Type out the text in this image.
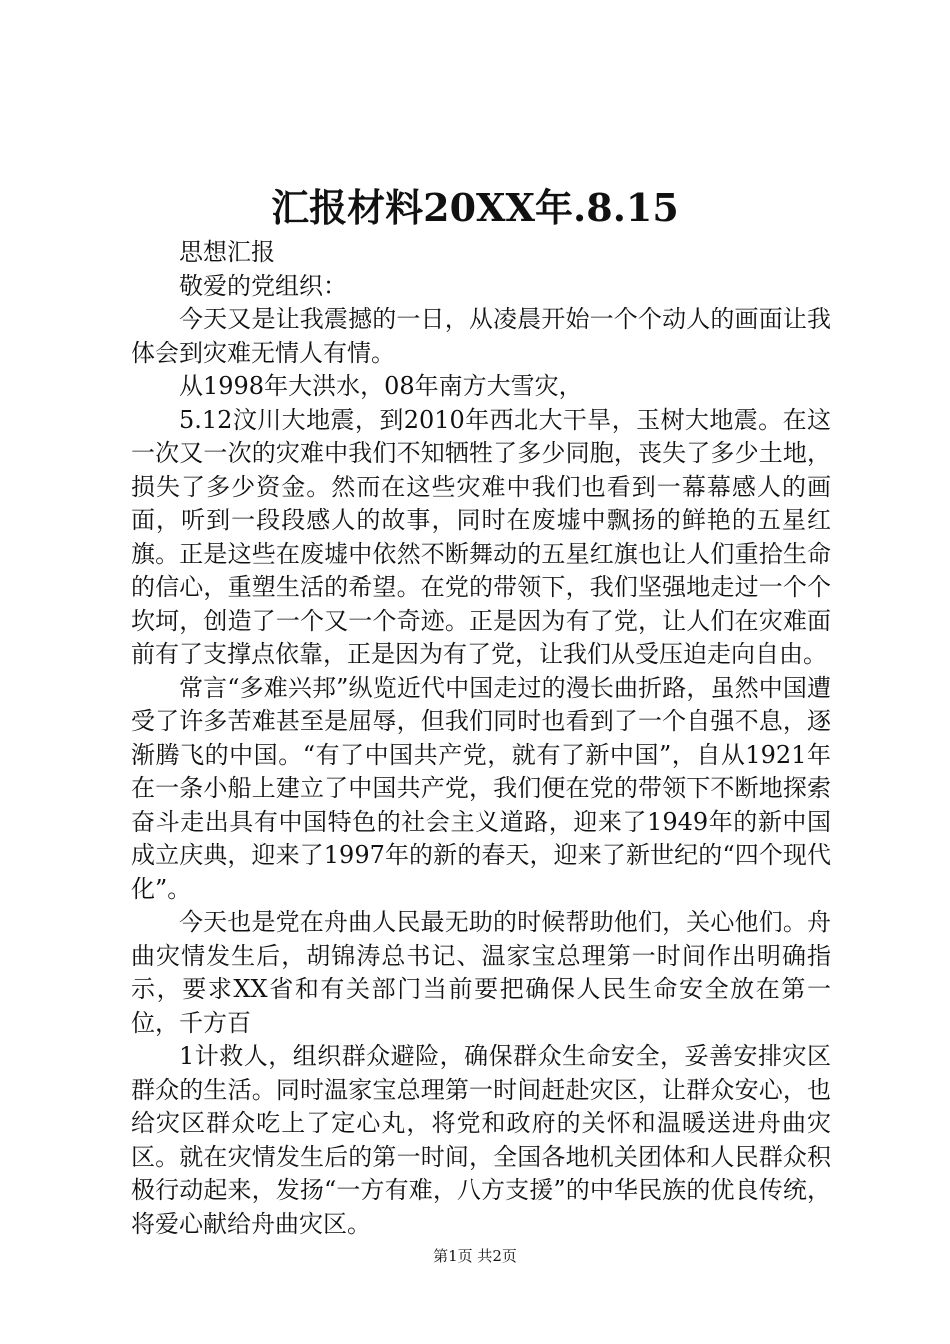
汇报材料20XX年.8.15

思想汇报

敬爱的党组织：

今天又是让我震撼的一日，从凌晨开始一个个动人的画面让我体会到灾难无情人有情。

从1998年大洪水，08年南方大雪灾，

5.12汶川大地震，到2010年西北大干旱，玉树大地震。在这一次又一次的灾难中我们不知牺牲了多少同胞，丧失了多少土地，损失了多少资金。然而在这些灾难中我们也看到一幕幕感人的画面，听到一段段感人的故事，同时在废墟中飘扬的鲜艳的五星红旗。正是这些在废墟中依然不断舞动的五星红旗也让人们重拾生命的信心，重塑生活的希望。在党的带领下，我们坚强地走过一个个坎坷，创造了一个又一个奇迹。正是因为有了党，让人们在灾难面前有了支撑点依靠，正是因为有了党，让我们从受压迫走向自由。

常言“多难兴邦”纵览近代中国走过的漫长曲折路，虽然中国遭受了许多苦难甚至是屈辱，但我们同时也看到了一个自强不息，逐渐腾飞的中国。“有了中国共产党，就有了新中国”，自从1921年在一条小船上建立了中国共产党，我们便在党的带领下不断地探索奋斗走出具有中国特色的社会主义道路，迎来了1949年的新中国成立庆典，迎来了1997年的新的春天，迎来了新世纪的“四个现代化”。

今天也是党在舟曲人民最无助的时候帮助他们，关心他们。舟曲灾情发生后，胡锦涛总书记、温家宝总理第一时间作出明确指示，要求XX省和有关部门当前要把确保人民生命安全放在第一位，千方百

1计救人，组织群众避险，确保群众生命安全，妥善安排灾区群众的生活。同时温家宝总理第一时间赶赴灾区，让群众安心，也给灾区群众吃上了定心丸，将党和政府的关怀和温暖送进舟曲灾区。就在灾情发生后的第一时间，全国各地机关团体和人民群众积极行动起来，发扬“一方有难，八方支援”的中华民族的优良传统，将爱心献给舟曲灾区。

第1页 共2页
